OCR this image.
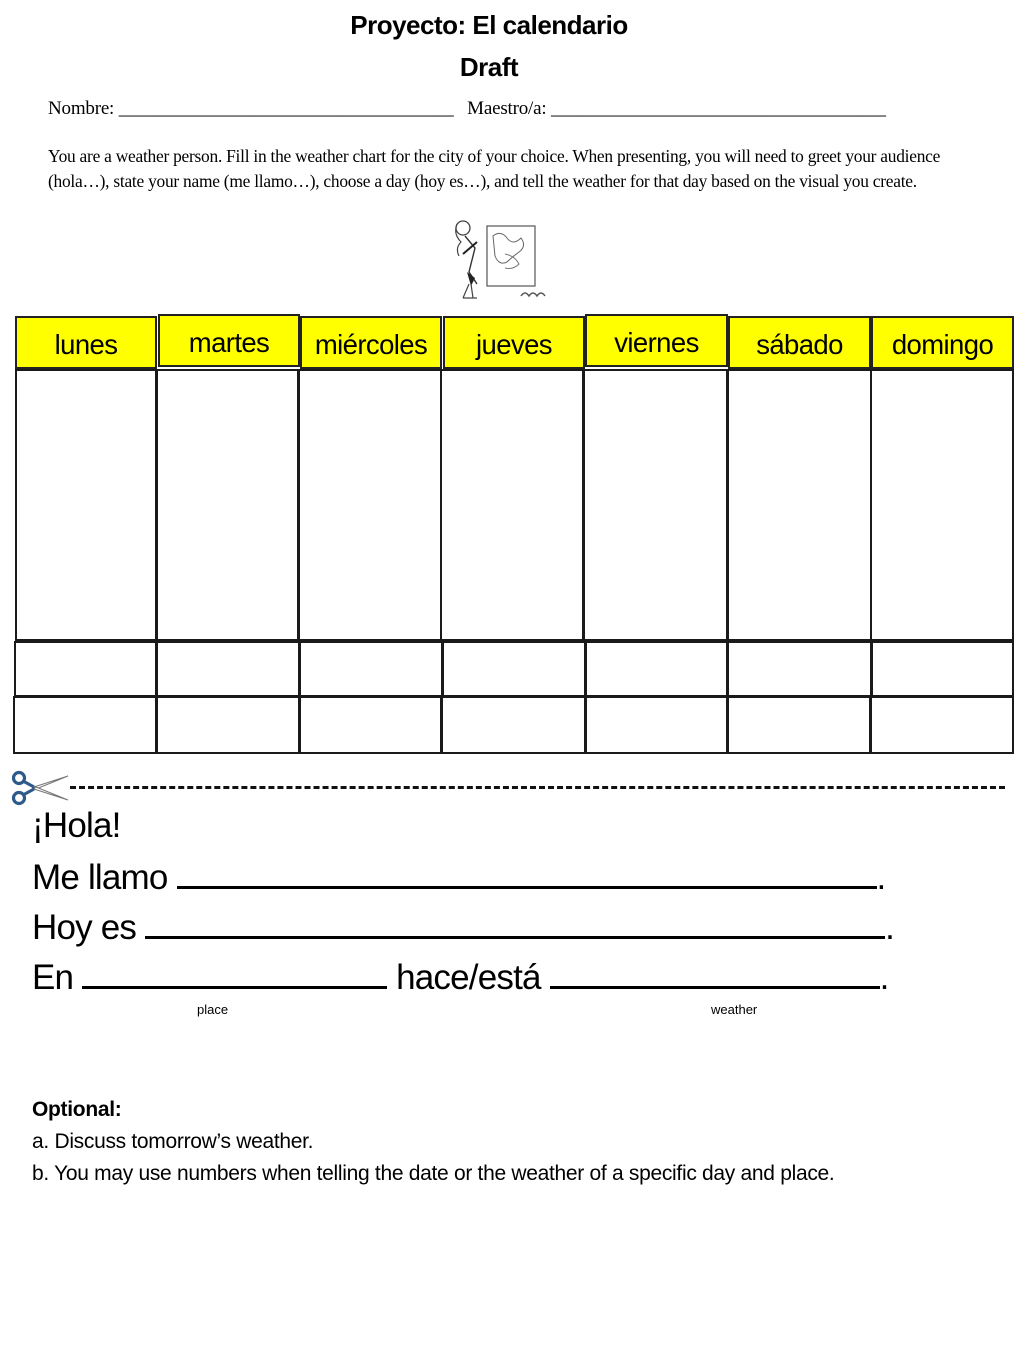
Proyecto: El calendario
Draft
Nombre: ____________________________________ Maestro/a: ____________________________________
You are a weather person. Fill in the weather chart for the city of your choice. When presenting, you will need to greet your audience (hola…), state your name (me llamo…), choose a day (hoy es…), and tell the weather for that day based on the visual you create.
lunes	martes	miércoles	jueves	viernes	sábado	domingo
¡Hola!
Me llamo	.
Hoy es	.
En	hace/está	.
place	weather
Optional:
a. Discuss tomorrow’s weather.
b. You may use numbers when telling the date or the weather of a specific day and place.
